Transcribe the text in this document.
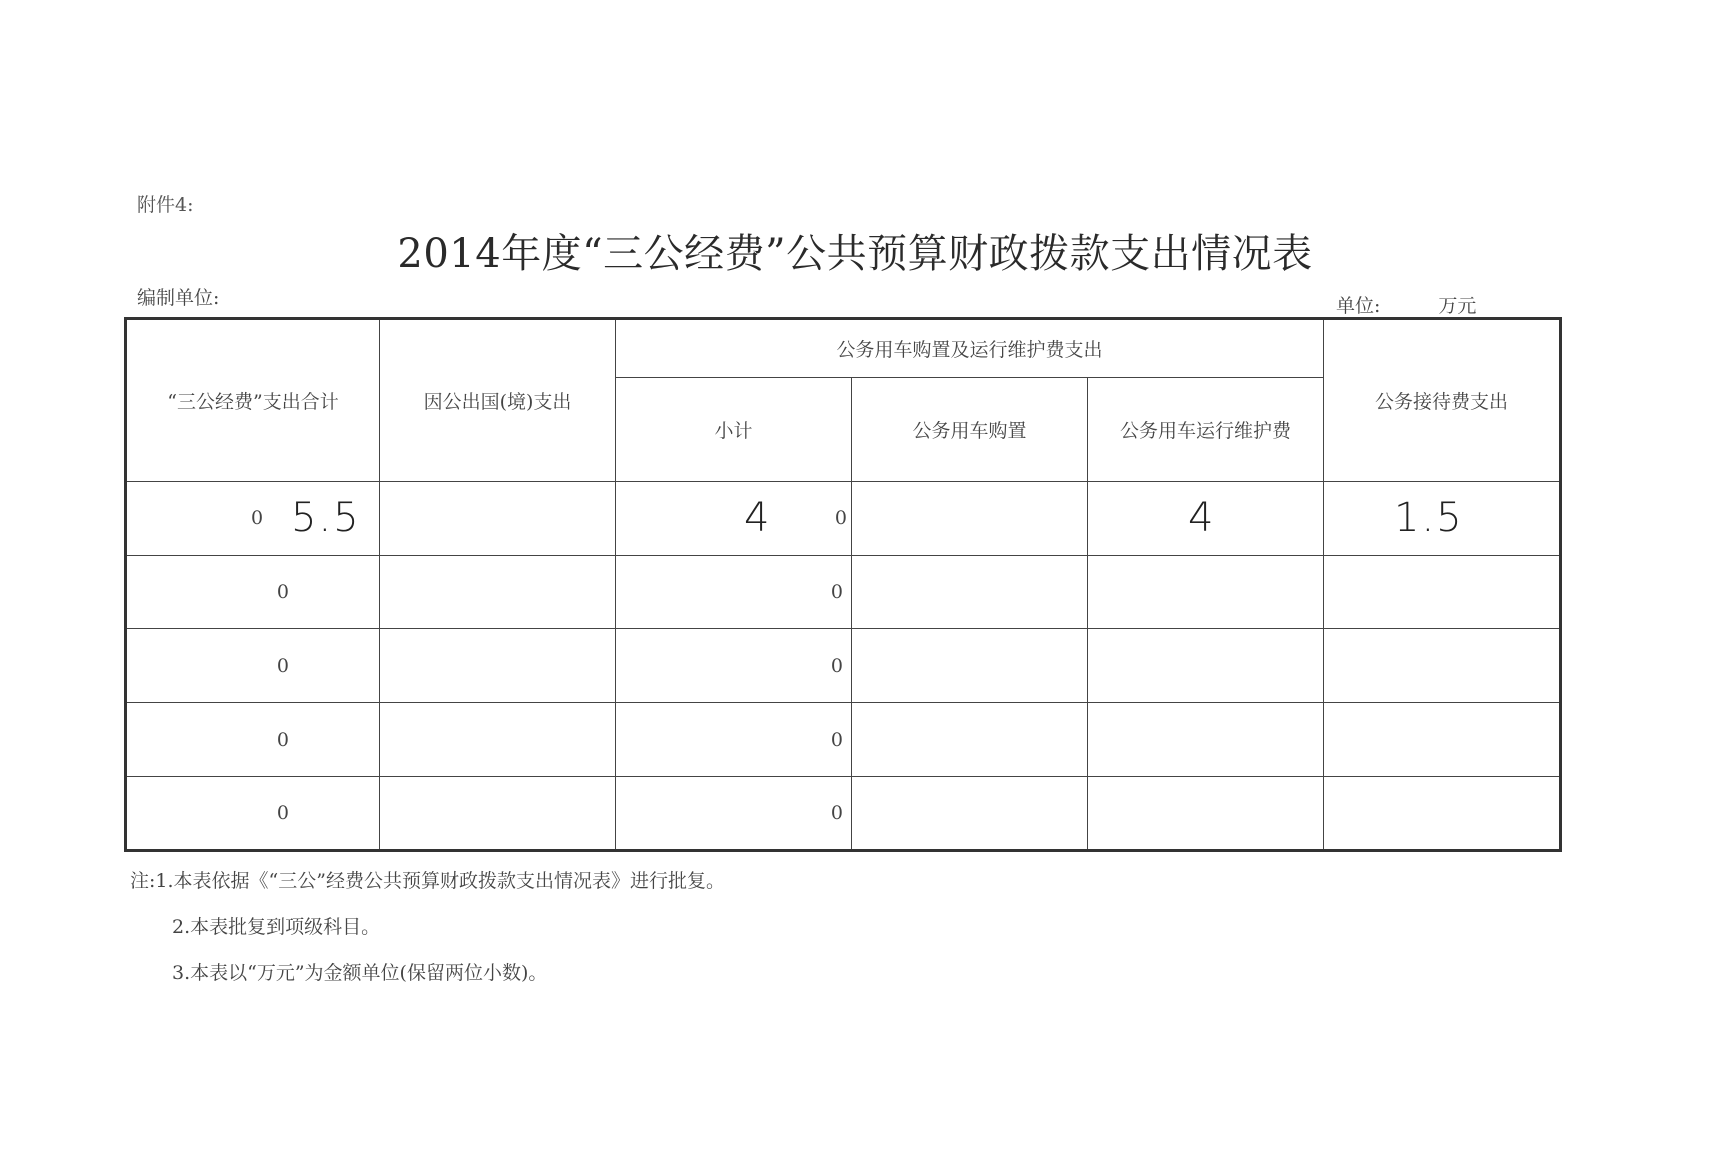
附件4:
2014年度“三公经费”公共预算财政拨款支出情况表
编制单位:	单位:	万元
“三公经费”支出合计	因公出国(境)支出	公务用车购置及运行维护费支出			公务接待费支出
		小计	公务用车购置	公务用车运行维护费	

0 5.5		4 0		4	1.5

0		0			
0		0			
0		0			
0		0			
注:1.本表依据《“三公”经费公共预算财政拨款支出情况表》进行批复。
2.本表批复到项级科目。
3.本表以“万元”为金额单位(保留两位小数)。
